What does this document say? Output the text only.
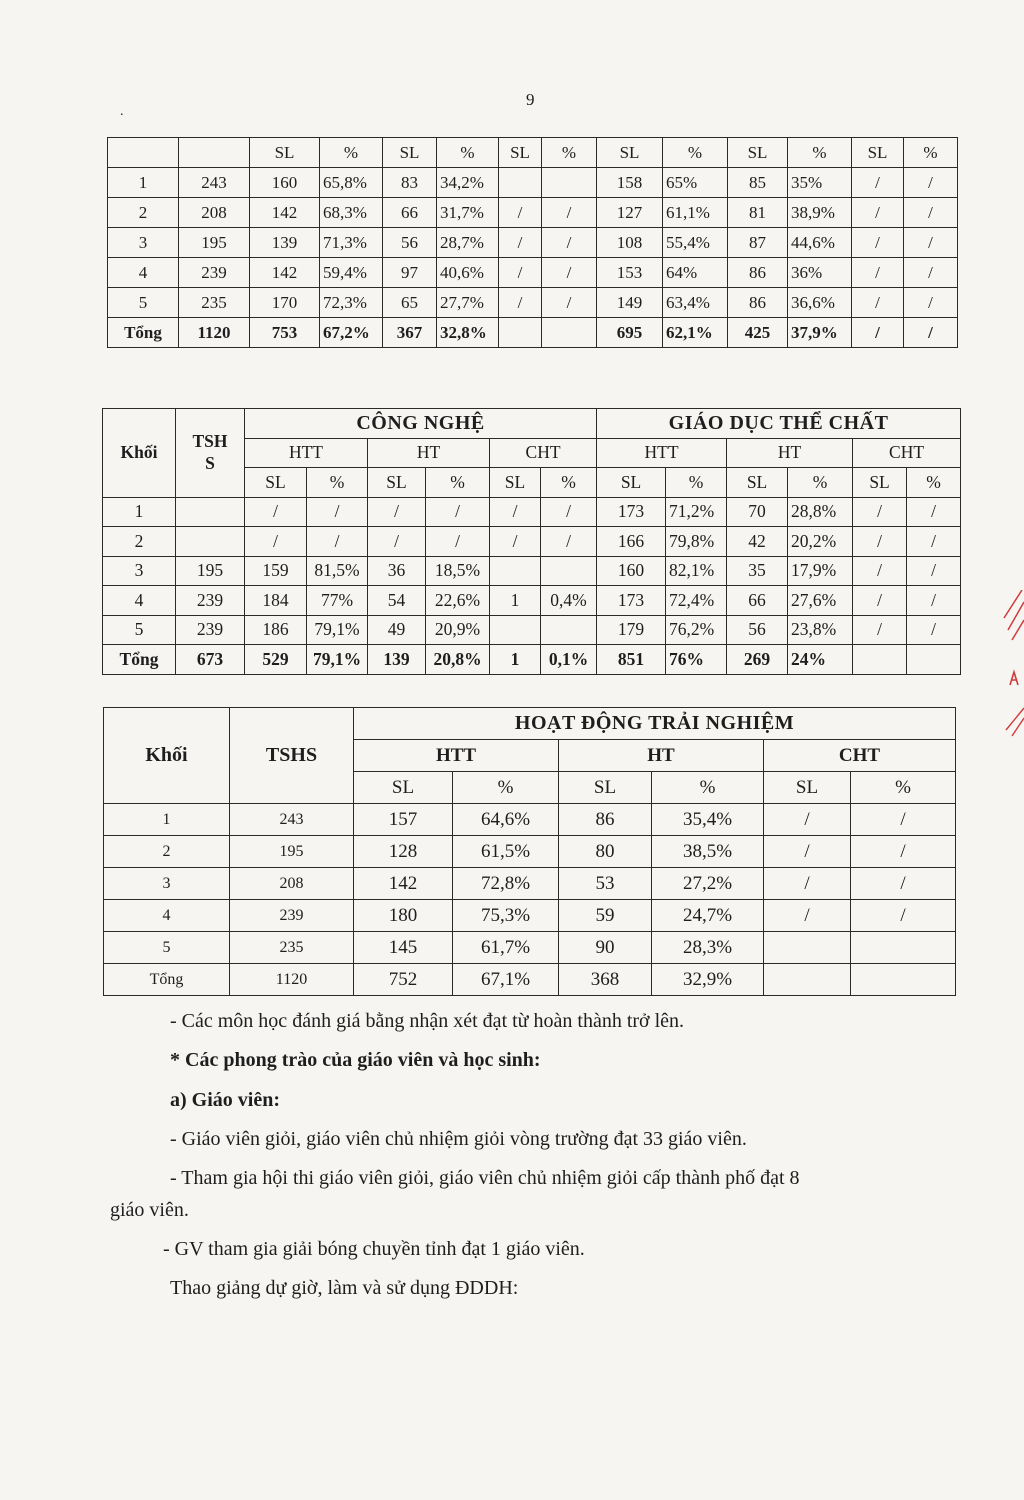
9
.
		SL	%	SL	%	SL	%	SL	%	SL	%	SL	%
1	243	160	65,8%	83	34,2%			158	65%	85	35%	/	/
2	208	142	68,3%	66	31,7%	/	/	127	61,1%	81	38,9%	/	/
3	195	139	71,3%	56	28,7%	/	/	108	55,4%	87	44,6%	/	/
4	239	142	59,4%	97	40,6%	/	/	153	64%	86	36%	/	/
5	235	170	72,3%	65	27,7%	/	/	149	63,4%	86	36,6%	/	/
Tổng	1120	753	67,2%	367	32,8%			695	62,1%	425	37,9%	/	/
Khối	TSHS	CÔNG NGHỆ						GIÁO DỤC THỂ CHẤT					
		HTT		HT		CHT		HTT		HT		CHT	
		SL	%	SL	%	SL	%	SL	%	SL	%	SL	%
1		/	/	/	/	/	/	173	71,2%	70	28,8%	/	/
2		/	/	/	/	/	/	166	79,8%	42	20,2%	/	/
3	195	159	81,5%	36	18,5%			160	82,1%	35	17,9%	/	/
4	239	184	77%	54	22,6%	1	0,4%	173	72,4%	66	27,6%	/	/
5	239	186	79,1%	49	20,9%			179	76,2%	56	23,8%	/	/
Tổng	673	529	79,1%	139	20,8%	1	0,1%	851	76%	269	24%		
Khối	TSHS	HOẠT ĐỘNG TRẢI NGHIỆM					
		HTT		HT		CHT	
		SL	%	SL	%	SL	%
1	243	157	64,6%	86	35,4%	/	/
2	195	128	61,5%	80	38,5%	/	/
3	208	142	72,8%	53	27,2%	/	/
4	239	180	75,3%	59	24,7%	/	/
5	235	145	61,7%	90	28,3%		
Tổng	1120	752	67,1%	368	32,9%		
- Các môn học đánh giá bằng nhận xét đạt từ hoàn thành trở lên.
* Các phong trào của giáo viên và học sinh:
a) Giáo viên:
- Giáo viên giỏi, giáo viên chủ nhiệm giỏi vòng trường đạt 33 giáo viên.
- Tham gia hội thi giáo viên giỏi, giáo viên chủ nhiệm giỏi cấp thành phố đạt 8
giáo viên.
- GV tham gia giải bóng chuyền tỉnh đạt 1 giáo viên.
Thao giảng dự giờ, làm và sử dụng ĐDDH:
